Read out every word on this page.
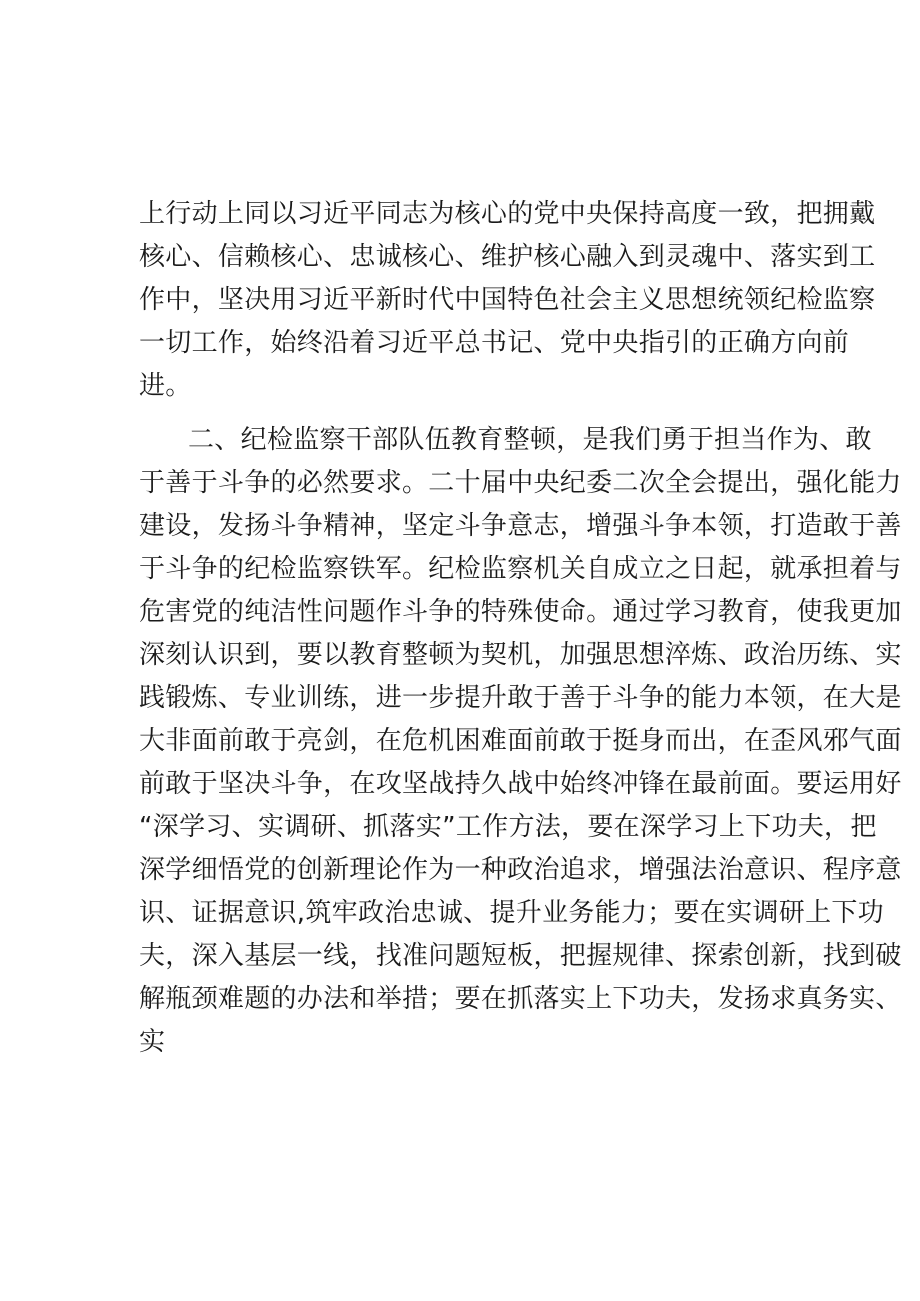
上行动上同以习近平同志为核心的党中央保持高度一致，把拥戴
核心、信赖核心、忠诚核心、维护核心融入到灵魂中、落实到工
作中，坚决用习近平新时代中国特色社会主义思想统领纪检监察
一切工作，始终沿着习近平总书记、党中央指引的正确方向前
进。
二、纪检监察干部队伍教育整顿，是我们勇于担当作为、敢
于善于斗争的必然要求。二十届中央纪委二次全会提出，强化能力
建设，发扬斗争精神，坚定斗争意志，增强斗争本领，打造敢于善
于斗争的纪检监察铁军。纪检监察机关自成立之日起，就承担着与
危害党的纯洁性问题作斗争的特殊使命。通过学习教育，使我更加
深刻认识到，要以教育整顿为契机，加强思想淬炼、政治历练、实
践锻炼、专业训练，进一步提升敢于善于斗争的能力本领，在大是
大非面前敢于亮剑，在危机困难面前敢于挺身而出，在歪风邪气面
前敢于坚决斗争，在攻坚战持久战中始终冲锋在最前面。要运用好
“深学习、实调研、抓落实”工作方法，要在深学习上下功夫，把
深学细悟党的创新理论作为一种政治追求，增强法治意识、程序意
识、证据意识,筑牢政治忠诚、提升业务能力；要在实调研上下功
夫，深入基层一线，找准问题短板，把握规律、探索创新，找到破
解瓶颈难题的办法和举措；要在抓落实上下功夫，发扬求真务实、
实
